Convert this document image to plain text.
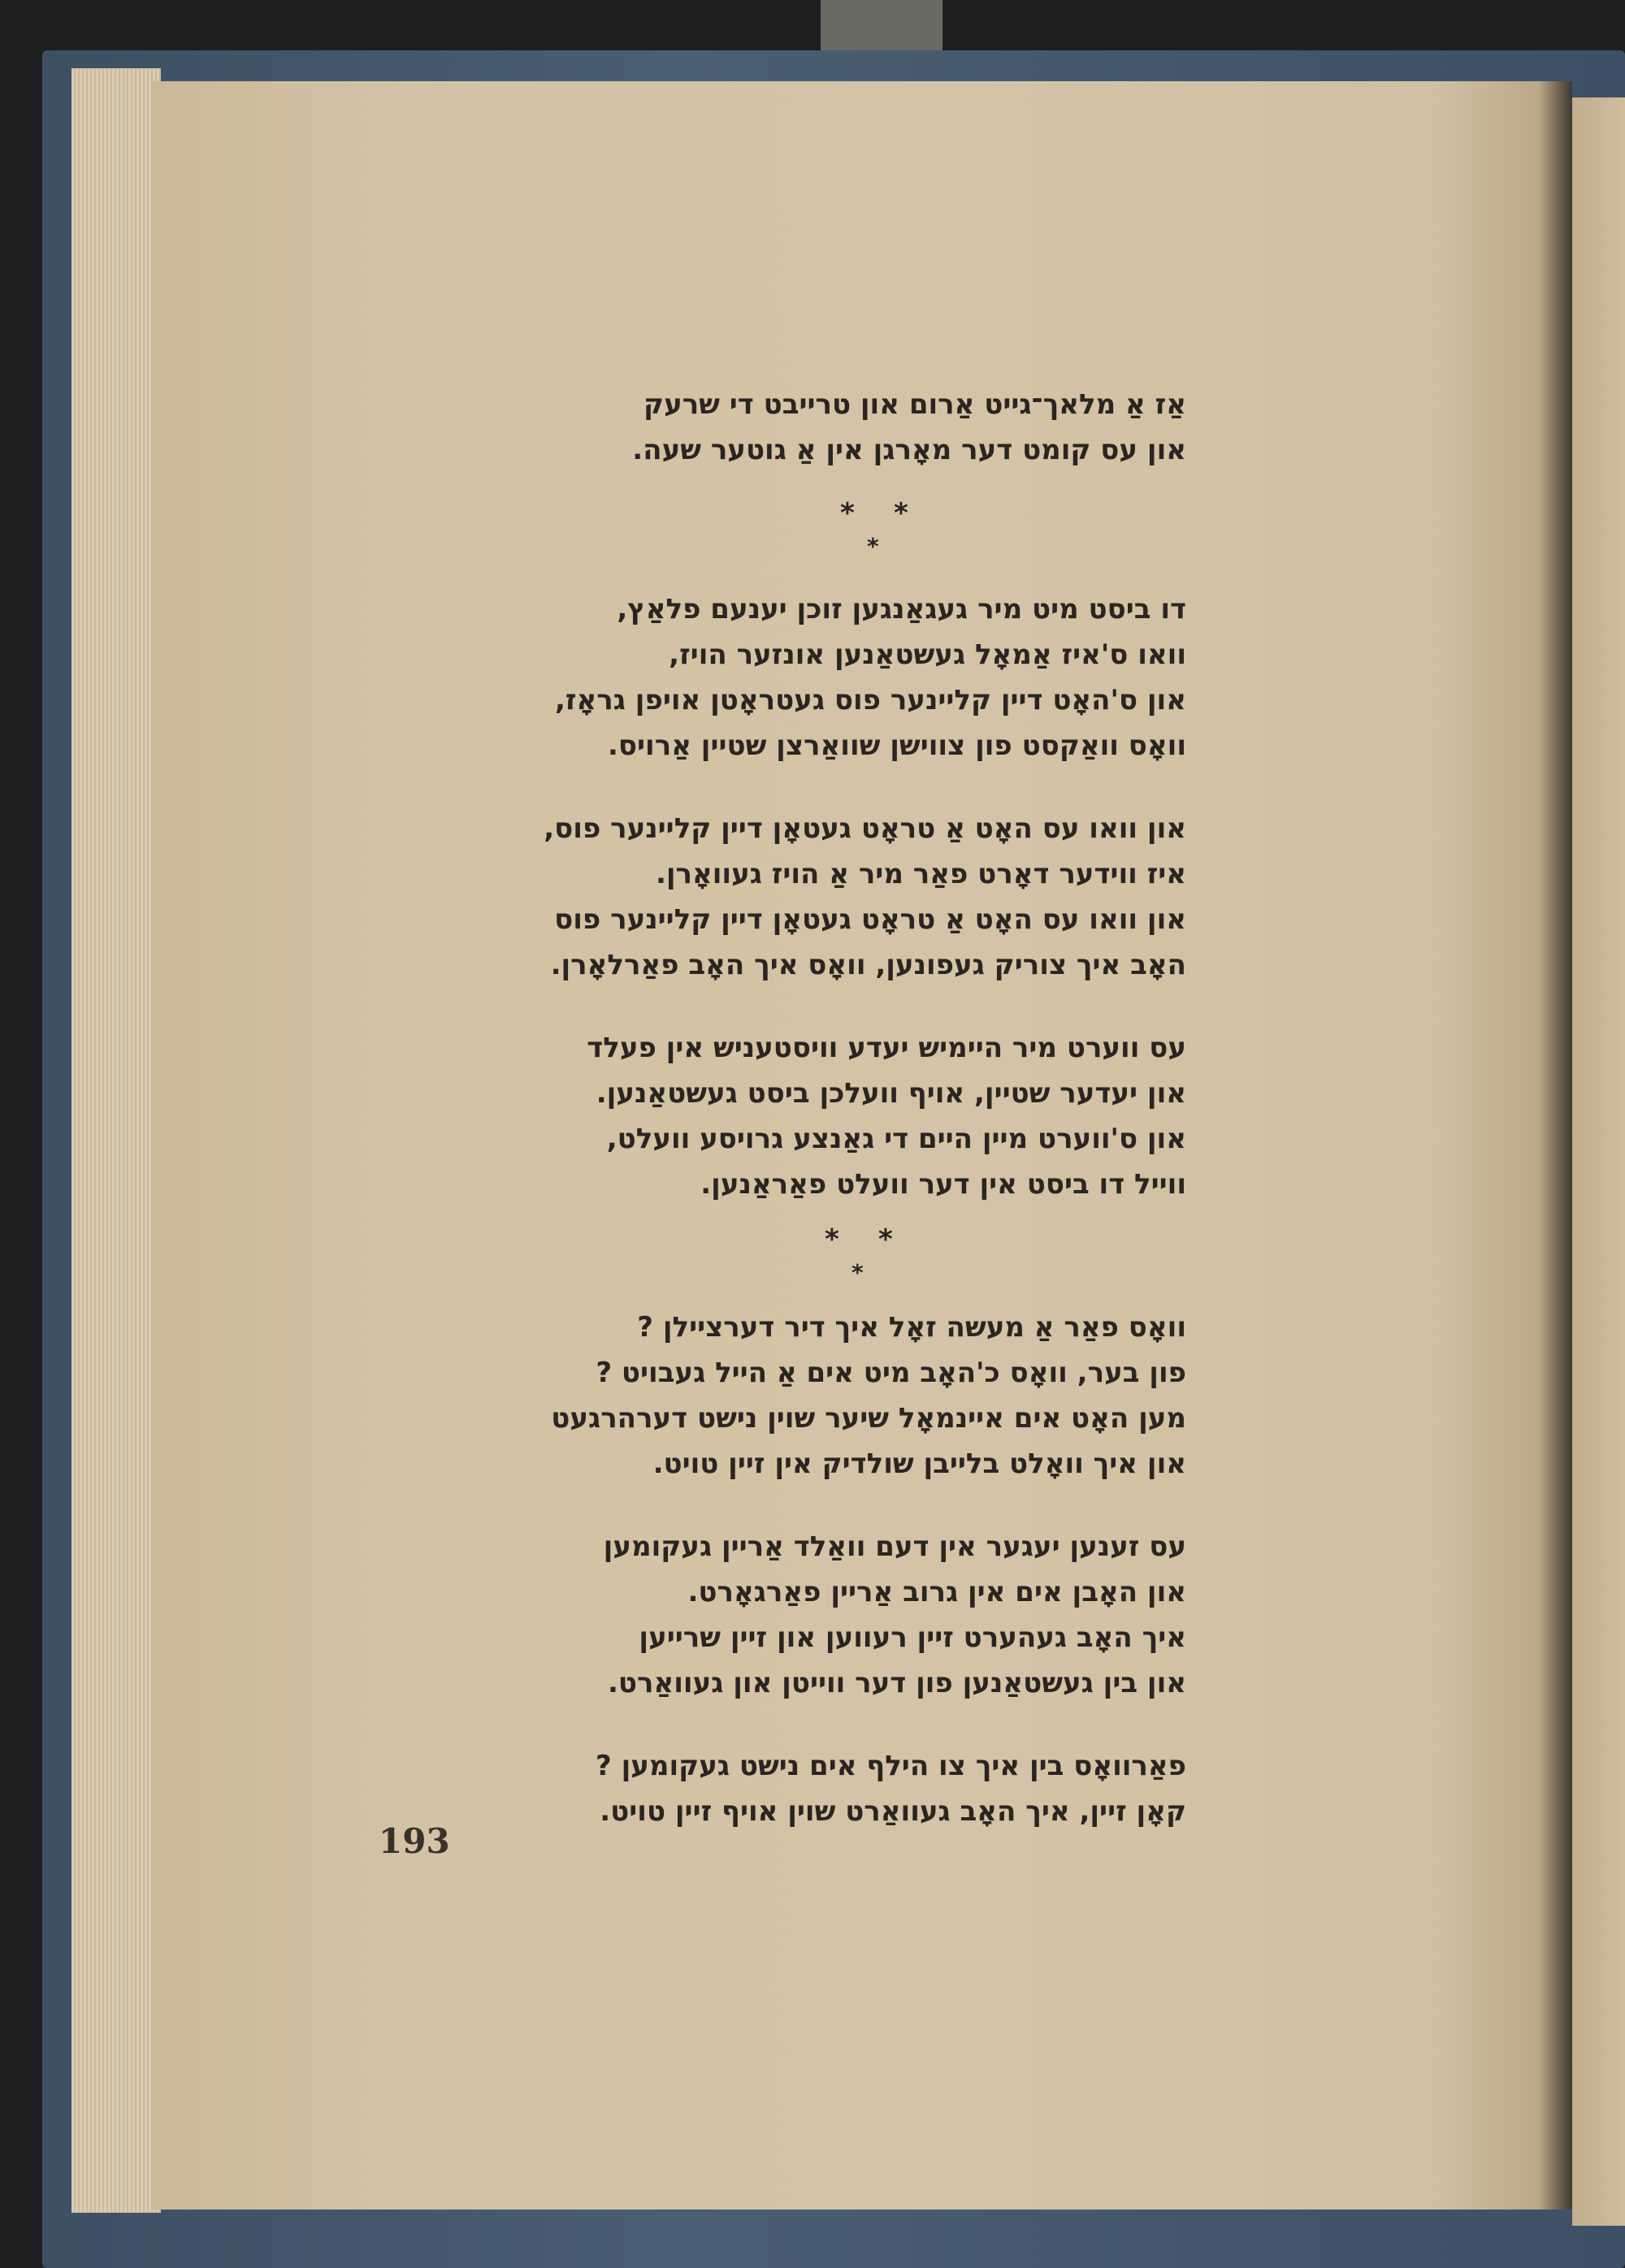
אַז אַ מלאך־גייט אַרום און טרייבט די שרעק
און עס קומט דער מאָרגן אין אַ גוטער שעה.
* *
*
דו ביסט מיט מיר געגאַנגען זוכן יענעם פלאַץ,
וואו ס'איז אַמאָל געשטאַנען אונזער הויז,
און ס'האָט דיין קליינער פוס געטראָטן אויפן גראָז,
וואָס וואַקסט פון צווישן שוואַרצן שטיין אַרויס.
און וואו עס האָט אַ טראָט געטאָן דיין קליינער פוס,
איז ווידער דאָרט פאַר מיר אַ הויז געוואָרן.
און וואו עס האָט אַ טראָט געטאָן דיין קליינער פוס
האָב איך צוריק געפונען, וואָס איך האָב פאַרלאָרן.
עס ווערט מיר היימיש יעדע וויסטעניש אין פעלד
און יעדער שטיין, אויף וועלכן ביסט געשטאַנען.
און ס'ווערט מיין היים די גאַנצע גרויסע וועלט,
ווייל דו ביסט אין דער וועלט פאַראַנען.
* *
*
וואָס פאַר אַ מעשה זאָל איך דיר דערציילן ?
פון בער, וואָס כ'האָב מיט אים אַ הייל געבויט ?
מען האָט אים איינמאָל שיער שוין נישט דערהרגעט
און איך וואָלט בלייבן שולדיק אין זיין טויט.
עס זענען יעגער אין דעם וואַלד אַריין געקומען
און האָבן אים אין גרוב אַריין פאַרגאָרט.
איך האָב געהערט זיין רעווען און זיין שרייען
און בין געשטאַנען פון דער ווייטן און געוואַרט.
פאַרוואָס בין איך צו הילף אים נישט געקומען ?
קאָן זיין, איך האָב געוואַרט שוין אויף זיין טויט.
193
